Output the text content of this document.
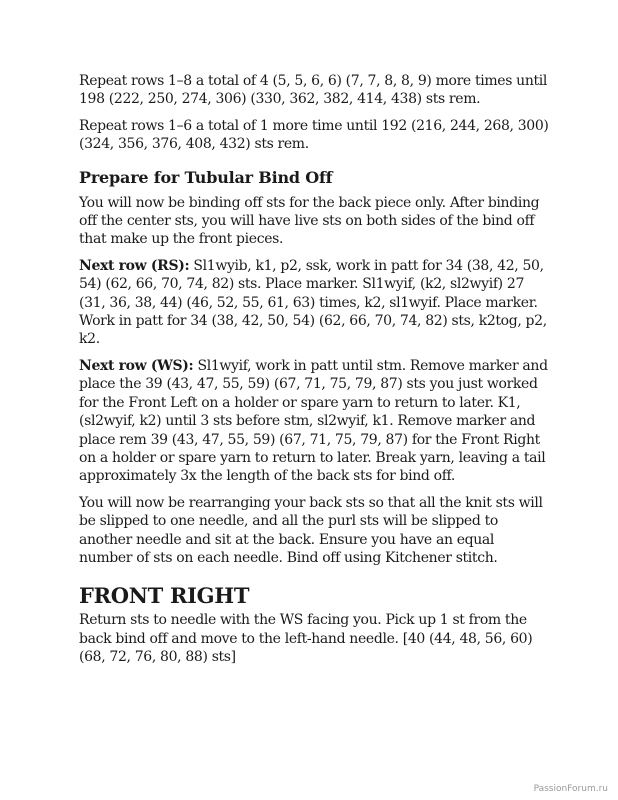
Repeat rows 1–8 a total of 4 (5, 5, 6, 6) (7, 7, 8, 8, 9) more times until 198 (222, 250, 274, 306) (330, 362, 382, 414, 438) sts rem.

Repeat rows 1–6 a total of 1 more time until 192 (216, 244, 268, 300) (324, 356, 376, 408, 432) sts rem.

Prepare for Tubular Bind Off

You will now be binding off sts for the back piece only. After binding off the center sts, you will have live sts on both sides of the bind off that make up the front pieces.

Next row (RS): Sl1wyib, k1, p2, ssk, work in patt for 34 (38, 42, 50, 54) (62, 66, 70, 74, 82) sts. Place marker. Sl1wyif, (k2, sl2wyif) 27 (31, 36, 38, 44) (46, 52, 55, 61, 63) times, k2, sl1wyif. Place marker. Work in patt for 34 (38, 42, 50, 54) (62, 66, 70, 74, 82) sts, k2tog, p2, k2.

Next row (WS): Sl1wyif, work in patt until stm. Remove marker and place the 39 (43, 47, 55, 59) (67, 71, 75, 79, 87) sts you just worked for the Front Left on a holder or spare yarn to return to later. K1, (sl2wyif, k2) until 3 sts before stm, sl2wyif, k1. Remove marker and place rem 39 (43, 47, 55, 59) (67, 71, 75, 79, 87) for the Front Right on a holder or spare yarn to return to later. Break yarn, leaving a tail approximately 3x the length of the back sts for bind off.

You will now be rearranging your back sts so that all the knit sts will be slipped to one needle, and all the purl sts will be slipped to another needle and sit at the back. Ensure you have an equal number of sts on each needle. Bind off using Kitchener stitch.

FRONT RIGHT

Return sts to needle with the WS facing you. Pick up 1 st from the back bind off and move to the left-hand needle. [40 (44, 48, 56, 60) (68, 72, 76, 80, 88) sts]

PassionForum.ru
